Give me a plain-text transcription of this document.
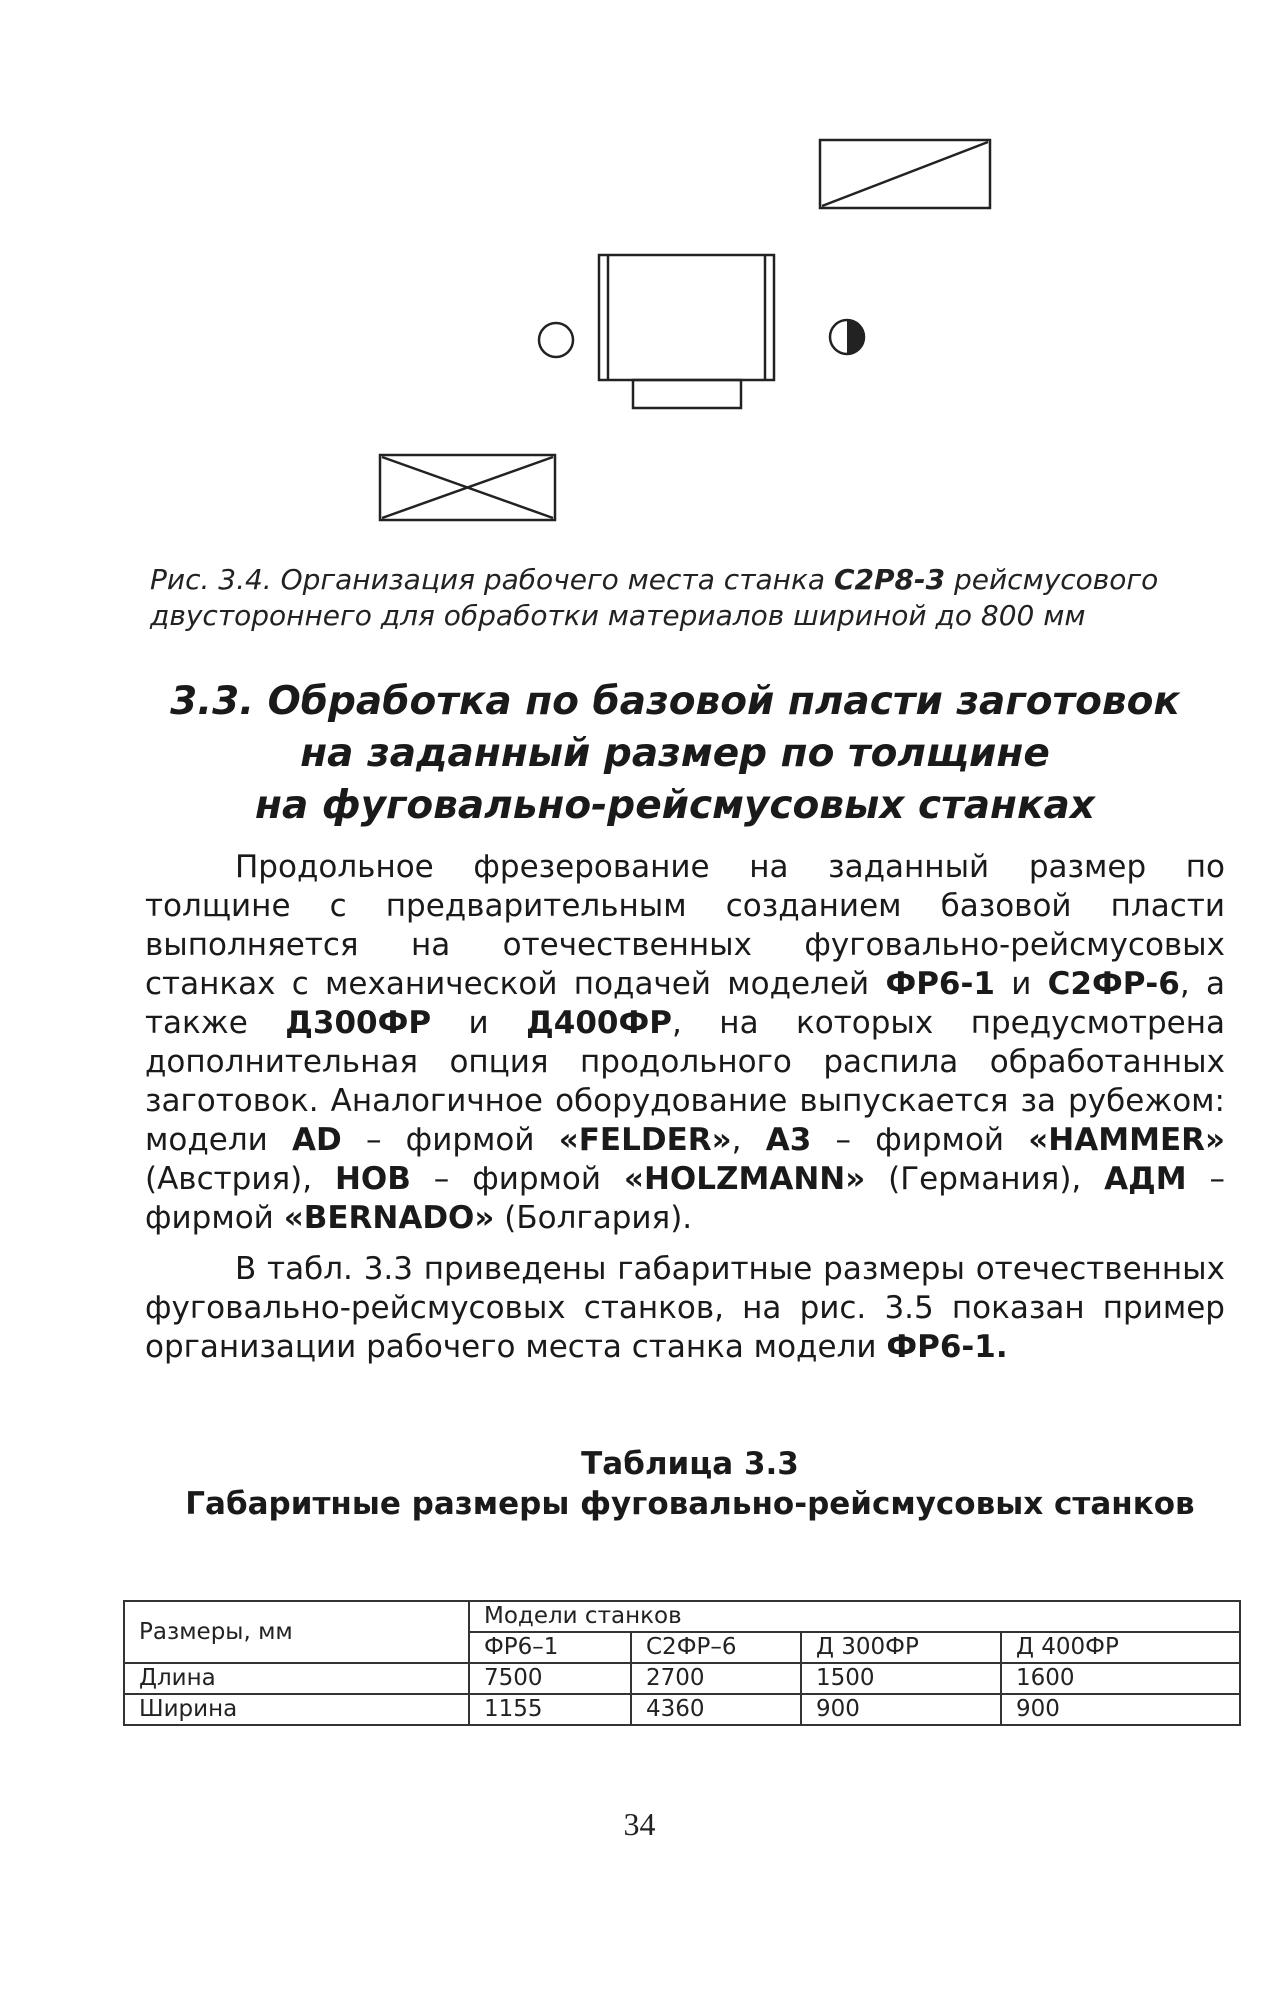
Рис. 3.4. Организация рабочего места станка С2Р8-3 рейсмусового двустороннего для обработки материалов шириной до 800 мм
3.3. Обработка по базовой пласти заготовок
на заданный размер по толщине
на фуговально-рейсмусовых станках
Продольное фрезерование на заданный размер по толщине с предварительным созданием базовой пласти выполняется на отечественных фуговально-рейсмусовых станках с механической подачей моделей ФР6-1 и С2ФР-6, а также Д300ФР и Д400ФР, на которых предусмотрена дополнительная опция продольного распила обработанных заготовок. Аналогичное оборудование выпускается за рубежом: модели AD – фирмой «FELDER», A3 – фирмой «HAMMER» (Австрия), HOB – фирмой «HOLZMANN» (Германия), АДМ – фирмой «BERNADO» (Болгария).
В табл. 3.3 приведены габаритные размеры отечественных фуговально-рейсмусовых станков, на рис. 3.5 показан пример организации рабочего места станка модели ФР6-1.
Таблица 3.3
Габаритные размеры фуговально-рейсмусовых станков
Размеры, мм	Модели станков			
	ФР6–1	С2ФР–6	Д 300ФР	Д 400ФР
Длина	7500	2700	1500	1600
Ширина	1155	4360	900	900
34
